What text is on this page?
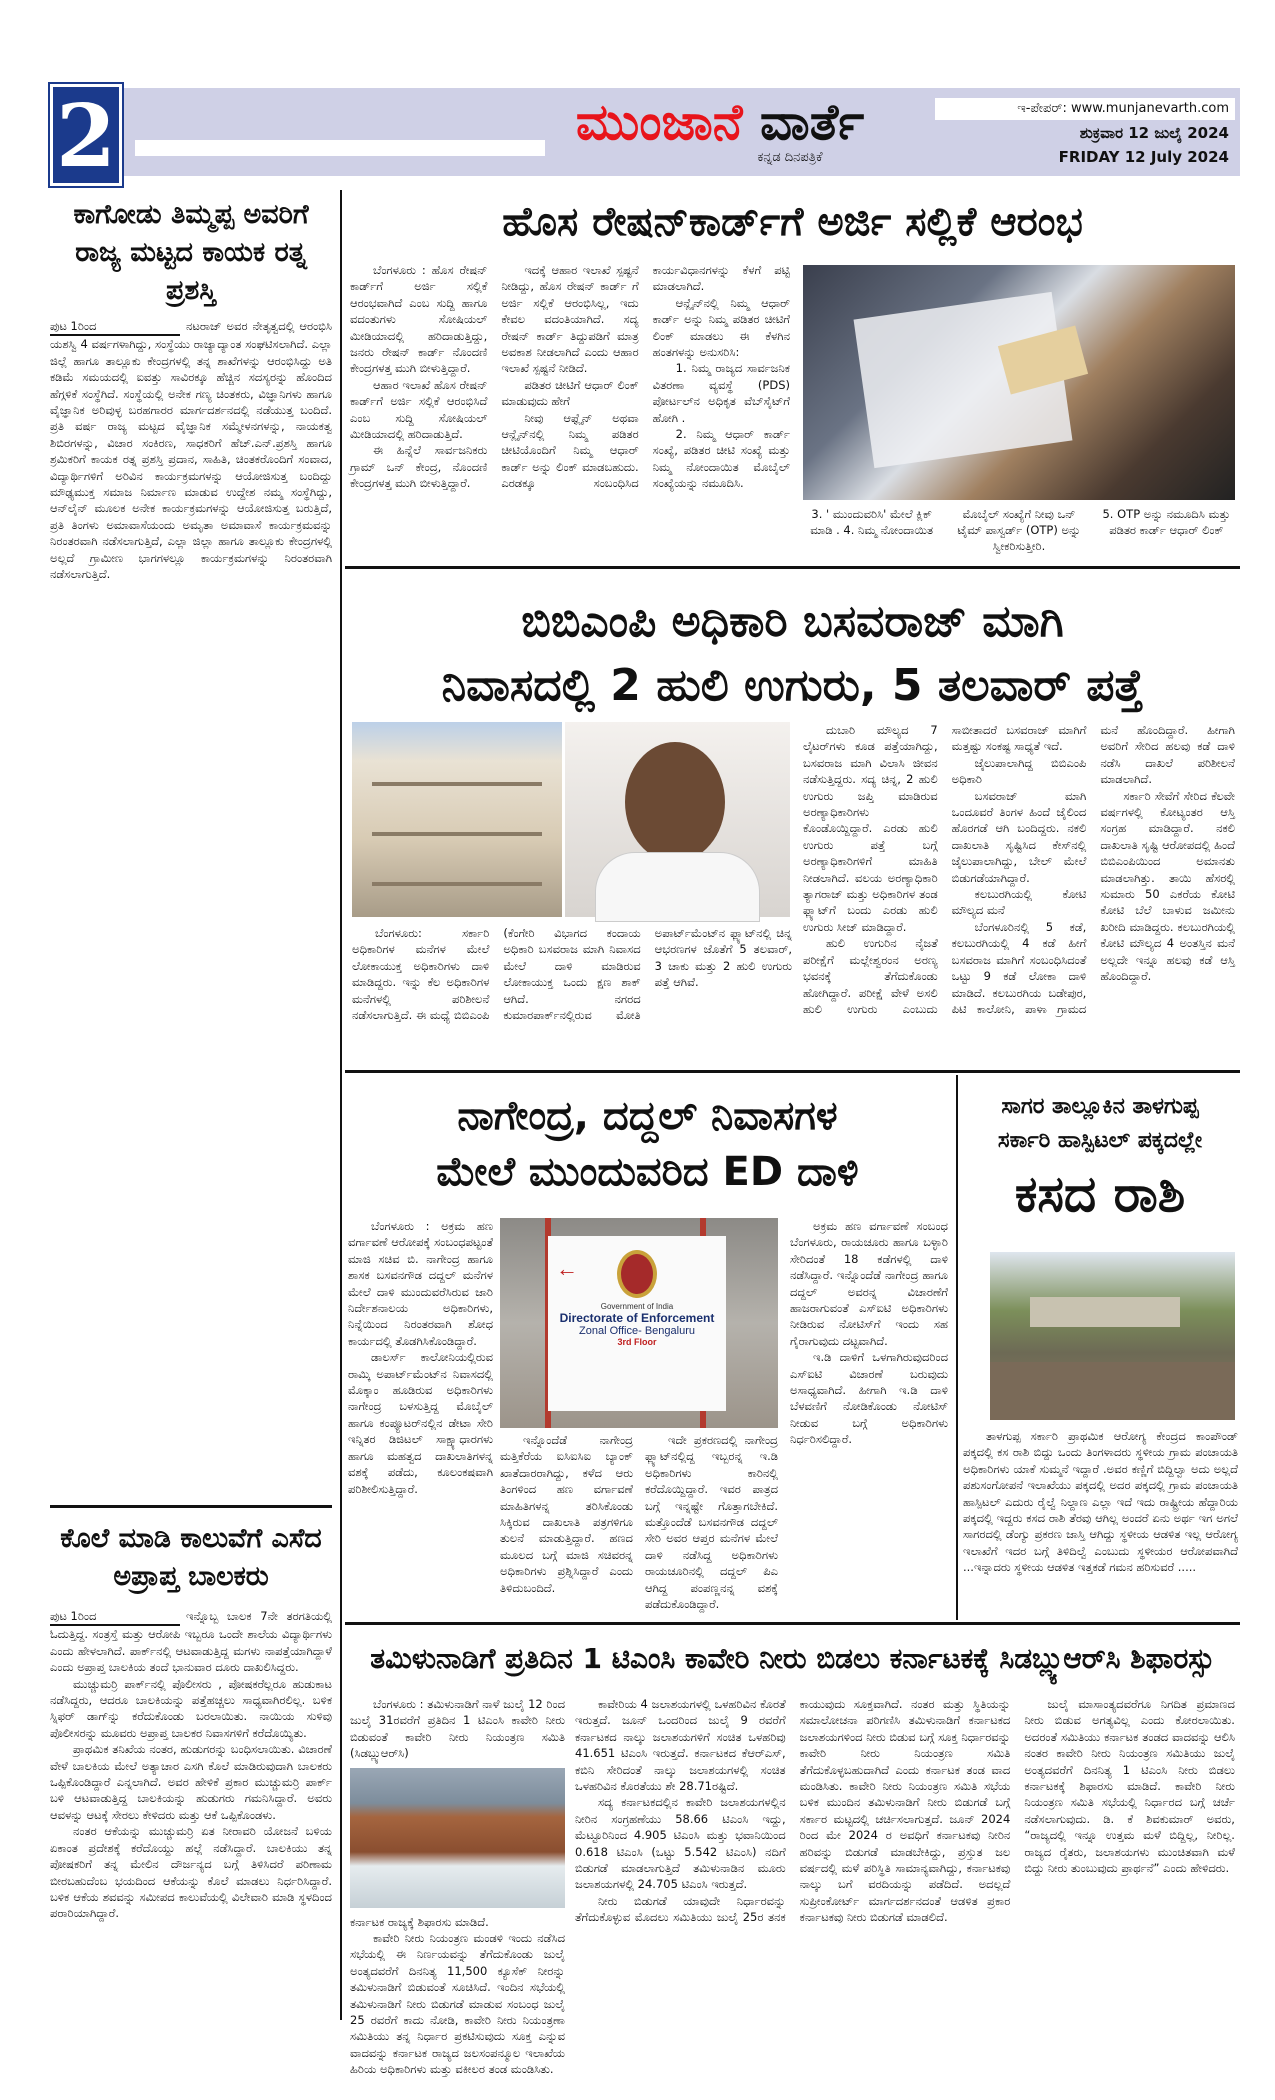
2	ಮುಂಜಾನೆ ವಾರ್ತೆ
ಕನ್ನಡ ದಿನಪತ್ರಿಕೆ
ಇ-ಪೇಪರ್: www.munjanevarth.com
ಶುಕ್ರವಾರ 12 ಜುಲೈ 2024
FRIDAY 12 July 2024
ಕಾಗೋಡು ತಿಮ್ಮಪ್ಪ ಅವರಿಗೆ ರಾಜ್ಯ ಮಟ್ಟದ ಕಾಯಕ ರತ್ನ ಪ್ರಶಸ್ತಿ
ಪುಟ 1ರಿಂದ	ನಟರಾಜ್ ಅವರ ನೇತೃತ್ವದಲ್ಲಿ ಆರಂಭಿಸಿ ಯಶಸ್ವಿ 4 ವರ್ಷಗಳಾಗಿದ್ದು, ಸಂಸ್ಥೆಯು ರಾಜ್ಯಾದ್ಯಾಂತ ಸಂಘಟಿಸಲಾಗಿದೆ. ಎಲ್ಲಾ ಜಿಲ್ಲೆ ಹಾಗೂ ತಾಲ್ಲೂಕು ಕೇಂದ್ರಗಳಲ್ಲಿ ತನ್ನ ಶಾಖೆಗಳನ್ನು ಆರಂಭಿಸಿದ್ದು ಅತಿ ಕಡಿಮೆ ಸಮಯದಲ್ಲಿ ಐವತ್ತು ಸಾವಿರಕ್ಕೂ ಹೆಚ್ಚಿನ ಸದಸ್ಯರನ್ನು ಹೊಂದಿದ ಹೆಗ್ಗಳಿಕೆ ಸಂಸ್ಥೆಗಿದೆ. ಸಂಸ್ಥೆಯಲ್ಲಿ ಅನೇಕ ಗಣ್ಯ ಚಿಂತಕರು, ವಿಜ್ಞಾನಿಗಳು ಹಾಗೂ ವೈಜ್ಞಾನಿಕ ಅರಿವುಳ್ಳ ಬರಹಗಾರರ ಮಾರ್ಗದರ್ಶನದಲ್ಲಿ ನಡೆಯುತ್ತ ಬಂದಿದೆ. ಪ್ರತಿ ವರ್ಷ ರಾಜ್ಯ ಮಟ್ಟದ ವೈಜ್ಞಾನಿಕ ಸಮ್ಮೇಳನಗಳನ್ನು, ನಾಯಕತ್ವ ಶಿಬಿರಗಳನ್ನು, ವಿಚಾರ ಸಂಕಿರಣ, ಸಾಧಕರಿಗೆ ಹೆಚ್.ಎನ್.ಪ್ರಶಸ್ತಿ ಹಾಗೂ ಶ್ರಮಿಕರಿಗೆ ಕಾಯಕ ರತ್ನ ಪ್ರಶಸ್ತಿ ಪ್ರದಾನ, ಸಾಹಿತಿ, ಚಿಂತಕರೊಂದಿಗೆ ಸಂವಾದ, ವಿದ್ಯಾರ್ಥಿಗಳಿಗೆ ಅರಿವಿನ ಕಾರ್ಯಕ್ರಮಗಳನ್ನು ಆಯೋಜಿಸುತ್ತ ಬಂದಿದ್ದು ಮೌಢ್ಯಮುಕ್ತ ಸಮಾಜ ನಿರ್ಮಾಣ ಮಾಡುವ ಉದ್ದೇಶ ನಮ್ಮ ಸಂಸ್ಥೆಗಿದ್ದು, ಆನ್‌ಲೈನ್ ಮೂಲಕ ಅನೇಕ ಕಾರ್ಯಕ್ರಮಗಳನ್ನು ಆಯೋಜಿಸುತ್ತ ಬರುತ್ತಿದೆ, ಪ್ರತಿ ತಿಂಗಳು ಅಮಾವಾಸೆಯಂದು ಅಮೃತಾ ಅಮಾವಾಸೆ ಕಾರ್ಯಕ್ರಮವನ್ನು ನಿರಂತರವಾಗಿ ನಡೆಸಲಾಗುತ್ತಿದೆ, ಎಲ್ಲಾ ಜಿಲ್ಲಾ ಹಾಗೂ ತಾಲ್ಲೂಕು ಕೇಂದ್ರಗಳಲ್ಲಿ ಅಲ್ಲದೆ ಗ್ರಾಮೀಣ ಭಾಗಗಳಲ್ಲೂ ಕಾರ್ಯಕ್ರಮಗಳನ್ನು ನಿರಂತರವಾಗಿ ನಡೆಸಲಾಗುತ್ತಿದೆ.
ಕೊಲೆ ಮಾಡಿ ಕಾಲುವೆಗೆ ಎಸೆದ ಅಪ್ರಾಪ್ತ ಬಾಲಕರು
ಪುಟ 1ರಿಂದ	ಇನ್ನೊಬ್ಬ ಬಾಲಕ 7ನೇ ತರಗತಿಯಲ್ಲಿ ಓದುತ್ತಿದ್ದ. ಸಂತ್ರಸ್ತೆ ಮತ್ತು ಆರೋಪಿ ಇಬ್ಬರೂ ಒಂದೇ ಶಾಲೆಯ ವಿದ್ಯಾರ್ಥಿಗಳು ಎಂದು ಹೇಳಲಾಗಿದೆ. ಪಾರ್ಕ್‌ನಲ್ಲಿ ಆಟವಾಡುತ್ತಿದ್ದ ಮಗಳು ನಾಪತ್ತೆಯಾಗಿದ್ದಾಳೆ ಎಂದು ಅಪ್ರಾಪ್ತ ಬಾಲಕಿಯ ತಂದೆ ಭಾನುವಾರ ದೂರು ದಾಖಲಿಸಿದ್ದರು.

ಮುಚ್ಚುಮರ್ರಿ ಪಾರ್ಕ್‌ನಲ್ಲಿ ಪೊಲೀಸರು , ಪೋಷಕರೆಲ್ಲರೂ ಹುಡುಕಾಟ ನಡೆಸಿದ್ದರು, ಆದರೂ ಬಾಲಕಿಯನ್ನು ಪತ್ತೆಹಚ್ಚಲು ಸಾಧ್ಯವಾಗಿರಲಿಲ್ಲ. ಬಳಿಕ ಸ್ನಿಫರ್ ಡಾಗ್‌ನ್ನು ಕರೆದುಕೊಂಡು ಬರಲಾಯಿತು. ನಾಯಿಯ ಸುಳಿವು ಪೊಲೀಸರನ್ನು ಮೂವರು ಅಪ್ರಾಪ್ತ ಬಾಲಕರ ನಿವಾಸಗಳಿಗೆ ಕರೆದೊಯ್ಯಿತು.

ಪ್ರಾಥಮಿಕ ತನಿಖೆಯ ನಂತರ, ಹುಡುಗರನ್ನು ಬಂಧಿಸಲಾಯಿತು. ವಿಚಾರಣೆ ವೇಳೆ ಬಾಲಕಿಯ ಮೇಲೆ ಅತ್ಯಾಚಾರ ಎಸಗಿ ಕೊಲೆ ಮಾಡಿರುವುದಾಗಿ ಬಾಲಕರು ಒಪ್ಪಿಕೊಂಡಿದ್ದಾರೆ ಎನ್ನಲಾಗಿದೆ. ಅವರ ಹೇಳಿಕೆ ಪ್ರಕಾರ ಮುಚ್ಚುಮರ್ರಿ ಪಾರ್ಕ್ ಬಳಿ ಆಟವಾಡುತ್ತಿದ್ದ ಬಾಲಕಿಯನ್ನು ಹುಡುಗರು ಗಮನಿಸಿದ್ದಾರೆ. ಅವರು ಆವಳನ್ನು ಆಟಕ್ಕೆ ಸೇರಲು ಕೇಳಿದರು ಮತ್ತು ಆಕೆ ಒಪ್ಪಿಕೊಂಡಳು.

ನಂತರ ಆಕೆಯನ್ನು ಮುಚ್ಚುಮರ್ರಿ ಏತ ನೀರಾವರಿ ಯೋಜನೆ ಬಳಿಯ ಏಕಾಂತ ಪ್ರದೇಶಕ್ಕೆ ಕರೆದೊಯ್ದು ಹಲ್ಲೆ ನಡೆಸಿದ್ದಾರೆ. ಬಾಲಕಿಯು ತನ್ನ ಪೋಷಕರಿಗೆ ತನ್ನ ಮೇಲಿನ ದೌರ್ಜನ್ಯದ ಬಗ್ಗೆ ತಿಳಿಸಿದರೆ ಪರಿಣಾಮ ಬೀರಬಹುದೆಂಬ ಭಯದಿಂದ ಆಕೆಯನ್ನು ಕೊಲೆ ಮಾಡಲು ನಿರ್ಧರಿಸಿದ್ದಾರೆ. ಬಳಿಕ ಆಕೆಯ ಶವವನ್ನು ಸಮೀಪದ ಕಾಲುವೆಯಲ್ಲಿ ವಿಲೇವಾರಿ ಮಾಡಿ ಸ್ಥಳದಿಂದ ಪರಾರಿಯಾಗಿದ್ದಾರೆ.

ಹೊಸ ರೇಷನ್‌ಕಾರ್ಡ್‌ಗೆ ಅರ್ಜಿ ಸಲ್ಲಿಕೆ ಆರಂಭ

ಬೆಂಗಳೂರು : ಹೊಸ ರೇಷನ್ ಕಾರ್ಡ್‌ಗೆ ಅರ್ಜಿ ಸಲ್ಲಿಕೆ ಆರಂಭವಾಗಿದೆ ಎಂಬ ಸುದ್ದಿ ಹಾಗೂ ವದಂತುಗಳು ಸೋಷಿಯಲ್ ಮೀಡಿಯಾದಲ್ಲಿ ಹರಿದಾಡುತ್ತಿದ್ದು, ಜನರು ರೇಷನ್ ಕಾರ್ಡ್ ನೊಂದಣಿ ಕೇಂದ್ರಗಳತ್ತ ಮುಗಿ ಬೀಳುತ್ತಿದ್ದಾರೆ.

ಆಹಾರ ಇಲಾಖೆ ಹೊಸ ರೇಷನ್ ಕಾರ್ಡ್‌ಗೆ ಅರ್ಜಿ ಸಲ್ಲಿಕೆ ಆರಂಭಿಸಿದೆ ಎಂಬ ಸುದ್ದಿ ಸೋಷಿಯಲ್ ಮೀಡಿಯಾದಲ್ಲಿ ಹರಿದಾಡುತ್ತಿದೆ.

ಈ ಹಿನ್ನೆಲೆ ಸಾರ್ವಜನಿಕರು ಗ್ರಾಮ್ ಒನ್ ಕೇಂದ್ರ, ನೊಂದಣಿ ಕೇಂದ್ರಗಳತ್ತ ಮುಗಿ ಬೀಳುತ್ತಿದ್ದಾರೆ.

ಇದಕ್ಕೆ ಆಹಾರ ಇಲಾಖೆ ಸ್ಪಷ್ಟನೆ ನೀಡಿದ್ದು, ಹೊಸ ರೇಷನ್ ಕಾರ್ಡ್ ಗೆ ಅರ್ಜಿ ಸಲ್ಲಿಕೆ ಆರಂಭಿಸಿಲ್ಲ, ಇದು ಕೇವಲ ವದಂತಿಯಾಗಿದೆ. ಸದ್ಯ ರೇಷನ್ ಕಾರ್ಡ್ ತಿದ್ದುಪಡಿಗೆ ಮಾತ್ರ ಅವಕಾಶ ನೀಡಲಾಗಿದೆ ಎಂದು ಆಹಾರ ಇಲಾಖೆ ಸ್ಪಷ್ಟನೆ ನೀಡಿದೆ.

ಪಡಿತರ ಚೀಟಿಗೆ ಆಧಾರ್ ಲಿಂಕ್ ಮಾಡುವುದು ಹೇಗೆ

ನೀವು ಆಫ್ಲೈನ್ ಅಥವಾ ಆನ್ಲೈನ್‌ನಲ್ಲಿ ನಿಮ್ಮ ಪಡಿತರ ಚೀಟಿಯೊಂದಿಗೆ ನಿಮ್ಮ ಆಧಾರ್ ಕಾರ್ಡ್ ಅನ್ನು ಲಿಂಕ್ ಮಾಡಬಹುದು. ಎರಡಕ್ಕೂ ಸಂಬಂಧಿಸಿದ ಕಾರ್ಯವಿಧಾನಗಳನ್ನು ಕೆಳಗೆ ಪಟ್ಟಿ ಮಾಡಲಾಗಿದೆ.

ಆನ್ಲೈನ್‌ನಲ್ಲಿ ನಿಮ್ಮ ಆಧಾರ್ ಕಾರ್ಡ್ ಅನ್ನು ನಿಮ್ಮ ಪಡಿತರ ಚೀಟಿಗೆ ಲಿಂಕ್ ಮಾಡಲು ಈ ಕೆಳಗಿನ ಹಂತಗಳನ್ನು ಅನುಸರಿಸಿ:

1. ನಿಮ್ಮ ರಾಜ್ಯದ ಸಾರ್ವಜನಿಕ ವಿತರಣಾ ವ್ಯವಸ್ಥೆ (PDS) ಪೋರ್ಟಲ್‌ನ ಅಧಿಕೃತ ವೆಬ್‌ಸೈಟ್‌ಗೆ ಹೋಗಿ .

2. ನಿಮ್ಮ ಆಧಾರ್ ಕಾರ್ಡ್ ಸಂಖ್ಯೆ, ಪಡಿತರ ಚೀಟಿ ಸಂಖ್ಯೆ ಮತ್ತು ನಿಮ್ಮ ನೋಂದಾಯಿತ ಮೊಬೈಲ್ ಸಂಖ್ಯೆಯನ್ನು ನಮೂದಿಸಿ.

3. ' ಮುಂದುವರಿಸಿ' ಮೇಲೆ ಕ್ಲಿಕ್ ಮಾಡಿ . 4. ನಿಮ್ಮ ನೋಂದಾಯಿತ
ಮೊಬೈಲ್ ಸಂಖ್ಯೆಗೆ ನೀವು ಒನ್ ಟೈಮ್ ಪಾಸ್ವರ್ಡ್ (OTP) ಅನ್ನು ಸ್ವೀಕರಿಸುತ್ತೀರಿ.
5. OTP ಅನ್ನು ನಮೂದಿಸಿ ಮತ್ತು ಪಡಿತರ ಕಾರ್ಡ್ ಆಧಾರ್ ಲಿಂಕ್
ಬಿಬಿಎಂಪಿ ಅಧಿಕಾರಿ ಬಸವರಾಜ್ ಮಾಗಿ
ನಿವಾಸದಲ್ಲಿ 2 ಹುಲಿ ಉಗುರು, 5 ತಲವಾರ್ ಪತ್ತೆ

ಬೆಂಗಳೂರು: ಸರ್ಕಾರಿ ಅಧಿಕಾರಿಗಳ ಮನೆಗಳ ಮೇಲೆ ಲೋಕಾಯುಕ್ತ ಅಧಿಕಾರಿಗಳು ದಾಳಿ ಮಾಡಿದ್ದರು. ಇನ್ನು ಕೆಲ ಅಧಿಕಾರಿಗಳ ಮನೆಗಳಲ್ಲಿ ಪರಿಶೀಲನೆ ನಡೆಸಲಾಗುತ್ತಿದೆ. ಈ ಮಧ್ಯೆ ಬಿಬಿಎಂಪಿ (ಕೆಂಗೇರಿ ವಿಭಾಗದ ಕಂದಾಯ ಅಧಿಕಾರಿ ಬಸವರಾಜ ಮಾಗಿ ನಿವಾಸದ ಮೇಲೆ ದಾಳಿ ಮಾಡಿರುವ ಲೋಕಾಯುಕ್ತ ಒಂದು ಕ್ಷಣ ಶಾಕ್ ಆಗಿದೆ. ನಗರದ ಕುಮಾರಪಾರ್ಕ್‌ನಲ್ಲಿರುವ ಮೋತಿ ಅಪಾರ್ಟ್‌ಮೆಂಟ್‌ನ ಫ್ಲ್ಯಾಟ್‌ನಲ್ಲಿ ಚಿನ್ನ ಆಭರಣಗಳ ಜೊತೆಗೆ 5 ತಲವಾರ್, 3 ಚಾಕು ಮತ್ತು 2 ಹುಲಿ ಉಗುರು ಪತ್ತೆ ಆಗಿವೆ.

ದುಬಾರಿ ಮೌಲ್ಯದ 7 ಲೈಟರ್‌ಗಳು ಕೂಡ ಪತ್ತೆಯಾಗಿದ್ದು, ಬಸವರಾಜ ಮಾಗಿ ವಿಲಾಸಿ ಜೀವನ ನಡೆಸುತ್ತಿದ್ದರು. ಸದ್ಯ ಚಿನ್ನ, 2 ಹುಲಿ ಉಗುರು ಜಪ್ತಿ ಮಾಡಿರುವ ಅರಣ್ಯಾಧಿಕಾರಿಗಳು ಕೊಂಡೊಯ್ದಿದ್ದಾರೆ. ಎರಡು ಹುಲಿ ಉಗುರು ಪತ್ತೆ ಬಗ್ಗೆ ಅರಣ್ಯಾಧಿಕಾರಿಗಳಿಗೆ ಮಾಹಿತಿ ನೀಡಲಾಗಿದೆ. ವಲಯ ಅರಣ್ಯಾಧಿಕಾರಿ ತ್ಯಾಗರಾಜ್ ಮತ್ತು ಅಧಿಕಾರಿಗಳ ತಂಡ ಫ್ಲ್ಯಾಟ್‌ಗೆ ಬಂದು ಎರಡು ಹುಲಿ ಉಗುರು ಸೀಜ್ ಮಾಡಿದ್ದಾರೆ.

ಹುಲಿ ಉಗುರಿನ ನೈಜತೆ ಪರೀಕ್ಷೆಗೆ ಮಲ್ಲೇಶ್ವರಂನ ಅರಣ್ಯ ಭವನಕ್ಕೆ ತೆಗೆದುಕೊಂಡು ಹೋಗಿದ್ದಾರೆ. ಪರೀಕ್ಷೆ ವೇಳೆ ಅಸಲಿ ಹುಲಿ ಉಗುರು ಎಂಬುದು ಸಾಬೀತಾದರೆ ಬಸವರಾಜ್ ಮಾಗಿಗೆ ಮತ್ತಷ್ಟು ಸಂಕಷ್ಟ ಸಾಧ್ಯತೆ ಇದೆ.

ಜೈಲುಪಾಲಾಗಿದ್ದ ಬಿಬಿಎಂಪಿ ಅಧಿಕಾರಿ

ಬಸವರಾಜ್ ಮಾಗಿ ಒಂದೂವರೆ ತಿಂಗಳ ಹಿಂದೆ ಜೈಲಿಂದ ಹೊರಗಡೆ ಆಗಿ ಬಂದಿದ್ದರು. ನಕಲಿ ದಾಖಲಾತಿ ಸೃಷ್ಟಿಸಿದ ಕೇಸ್‌ನಲ್ಲಿ ಜೈಲುಪಾಲಾಗಿದ್ದು, ಬೇಲ್ ಮೇಲೆ ಬಿಡುಗಡೆಯಾಗಿದ್ದಾರೆ.

ಕಲಬುರಗಿಯಲ್ಲಿ ಕೋಟಿ ಮೌಲ್ಯದ ಮನೆ

ಬೆಂಗಳೂರಿನಲ್ಲಿ 5 ಕಡೆ, ಕಲಬುರಗಿಯಲ್ಲಿ 4 ಕಡೆ ಹೀಗೆ ಬಸವರಾಜ ಮಾಗಿಗೆ ಸಂಬಂಧಿಸಿದಂತೆ ಒಟ್ಟು 9 ಕಡೆ ಲೋಕಾ ದಾಳಿ ಮಾಡಿದೆ. ಕಲಬುರಗಿಯ ಬಡೇಪುರ, ಪಿಟಿ ಕಾಲೋನಿ, ಪಾಳಾ ಗ್ರಾಮದ ಮನೆ ಹೊಂದಿದ್ದಾರೆ. ಹೀಗಾಗಿ ಅವರಿಗೆ ಸೇರಿದ ಹಲವು ಕಡೆ ದಾಳಿ ನಡೆಸಿ ದಾಖಲೆ ಪರಿಶೀಲನೆ ಮಾಡಲಾಗಿದೆ.

ಸರ್ಕಾರಿ ಸೇವೆಗೆ ಸೇರಿದ ಕೆಲವೇ ವರ್ಷಗಳಲ್ಲಿ ಕೋಟ್ಯಂತರ ಆಸ್ತಿ ಸಂಗ್ರಹ ಮಾಡಿದ್ದಾರೆ. ನಕಲಿ ದಾಖಲಾತಿ ಸೃಷ್ಟಿ ಆರೋಪದಲ್ಲಿ ಹಿಂದೆ ಬಿಬಿಎಂಪಿಯಿಂದ ಅಮಾನತು ಮಾಡಲಾಗಿತ್ತು. ತಾಯಿ ಹೆಸರಲ್ಲಿ ಸುಮಾರು 50 ಎಕರೆಯ ಕೋಟಿ ಕೋಟಿ ಬೆಲೆ ಬಾಳುವ ಜಮೀನು ಖರೀದಿ ಮಾಡಿದ್ದರು. ಕಲಬುರಗಿಯಲ್ಲಿ ಕೋಟಿ ಮೌಲ್ಯದ 4 ಅಂತಸ್ತಿನ ಮನೆ ಅಲ್ಲದೇ ಇನ್ನೂ ಹಲವು ಕಡೆ ಆಸ್ತಿ ಹೊಂದಿದ್ದಾರೆ.

ನಾಗೇಂದ್ರ, ದದ್ದಲ್ ನಿವಾಸಗಳ
ಮೇಲೆ ಮುಂದುವರಿದ ED ದಾಳಿ
←
Government of India
Directorate of Enforcement
Zonal Office- Bengaluru
3rd Floor

ಬೆಂಗಳೂರು : ಅಕ್ರಮ ಹಣ ವರ್ಗಾವಣೆ ಆರೋಪಕ್ಕೆ ಸಂಬಂಧಪಟ್ಟಂತೆ ಮಾಜಿ ಸಚಿವ ಬಿ. ನಾಗೇಂದ್ರ ಹಾಗೂ ಶಾಸಕ ಬಸವನಗೌಡ ದದ್ದಲ್ ಮನೆಗಳ ಮೇಲೆ ದಾಳಿ ಮುಂದುವರೆಸಿರುವ ಜಾರಿ ನಿರ್ದೇಶನಾಲಯ ಅಧಿಕಾರಿಗಳು, ನಿನ್ನೆಯಿಂದ ನಿರಂತರವಾಗಿ ಶೋಧ ಕಾರ್ಯದಲ್ಲಿ ತೊಡಗಿಸಿಕೊಂಡಿದ್ದಾರೆ.

ಡಾಲರ್ಸ್ ಕಾಲೋನಿಯಲ್ಲಿರುವ ರಾಮ್ಕಿ ಅಪಾರ್ಟ್‌ಮೆಂಟ್‌ನ ನಿವಾಸದಲ್ಲಿ ಮೊಕ್ಕಾಂ ಹೂಡಿರುವ ಅಧಿಕಾರಿಗಳು ನಾಗೇಂದ್ರ ಬಳಸುತ್ತಿದ್ದ ಮೊಬೈಲ್ ಹಾಗೂ ಕಂಪ್ಯೂಟರ್‌ನಲ್ಲಿನ ಡೇಟಾ ಸೇರಿ ಇನ್ನಿತರ ಡಿಜಿಟಲ್ ಸಾಕ್ಷ್ಯಾಧಾರಗಳು ಹಾಗೂ ಮಹತ್ವದ ದಾಖಲಾತಿಗಳನ್ನ ವಶಕ್ಕೆ ಪಡೆದು, ಕೂಲಂಕಷವಾಗಿ ಪರಿಶೀಲಿಸುತ್ತಿದ್ದಾರೆ.

ಇನ್ನೊಂದೆಡೆ ನಾಗೇಂದ್ರ ಮತ್ತಿಕೆರೆಯ ಐಸಿಐಸಿಐ ಬ್ಯಾಂಕ್ ಖಾತೆದಾರರಾಗಿದ್ದು, ಕಳೆದ ಆರು ತಿಂಗಳಿಂದ ಹಣ ವರ್ಗಾವಣೆ ಮಾಹಿತಿಗಳನ್ನ ತರಿಸಿಕೊಂಡು ಸಿಕ್ಕಿರುವ ದಾಖಲಾತಿ ಪತ್ರಗಳಿಗೂ ತುಲನೆ ಮಾಡುತ್ತಿದ್ದಾರೆ. ಹಣದ ಮೂಲದ ಬಗ್ಗೆ ಮಾಜಿ ಸಚಿವರನ್ನ ಅಧಿಕಾರಿಗಳು ಪ್ರಶ್ನಿಸಿದ್ದಾರೆ ಎಂದು ತಿಳಿದುಬಂದಿದೆ.

ಇದೇ ಪ್ರಕರಣದಲ್ಲಿ ನಾಗೇಂದ್ರ ಫ್ಲ್ಯಾಟ್‌ನಲ್ಲಿದ್ದ ಇಬ್ಬರನ್ನ ಇ.ಡಿ ಅಧಿಕಾರಿಗಳು ಕಾರಿನಲ್ಲಿ ಕರೆದೊಯ್ದಿದ್ದಾರೆ. ಇವರ ಪಾತ್ರದ ಬಗ್ಗೆ ಇನ್ನಷ್ಟೇ ಗೊತ್ತಾಗಬೇಕಿದೆ. ಮತ್ತೊಂದೆಡೆ ಬಸವನಗೌಡ ದದ್ದಲ್ ಸೇರಿ ಅವರ ಆಪ್ತರ ಮನೆಗಳ ಮೇಲೆ ದಾಳಿ ನಡೆಸಿದ್ದ ಅಧಿಕಾರಿಗಳು ರಾಯಚೂರಿನಲ್ಲಿ ದದ್ದಲ್ ಪಿಎ ಆಗಿದ್ದ ಪಂಪಣ್ಣನನ್ನ ವಶಕ್ಕೆ ಪಡೆದುಕೊಂಡಿದ್ದಾರೆ.

ಅಕ್ರಮ ಹಣ ವರ್ಗಾವಣೆ ಸಂಬಂಧ ಬೆಂಗಳೂರು, ರಾಯಚೂರು ಹಾಗೂ ಬಳ್ಳಾರಿ ಸೇರಿದಂತೆ 18 ಕಡೆಗಳಲ್ಲಿ ದಾಳಿ ನಡೆಸಿದ್ದಾರೆ. ಇನ್ನೊಂದೆಡೆ ನಾಗೇಂದ್ರ ಹಾಗೂ ದದ್ದಲ್ ಅವರನ್ನ ವಿಚಾರಣೆಗೆ ಹಾಜರಾಗುವಂತೆ ಎಸ್‌ಐಟಿ ಅಧಿಕಾರಿಗಳು ನೀಡಿರುವ ನೋಟಿಸ್‌ಗೆ ಇಂದು ಸಹ ಗೈರಾಗುವುದು ದಟ್ಟವಾಗಿದೆ.

ಇ.ಡಿ ದಾಳಿಗೆ ಒಳಗಾಗಿರುವುದರಿಂದ ಎಸ್‌ಐಟಿ ವಿಚಾರಣೆ ಬರುವುದು ಅಸಾಧ್ಯವಾಗಿದೆ. ಹೀಗಾಗಿ ಇ.ಡಿ ದಾಳಿ ಬೆಳವಣಿಗೆ ನೋಡಿಕೊಂಡು ನೋಟಿಸ್ ನೀಡುವ ಬಗ್ಗೆ ಅಧಿಕಾರಿಗಳು ನಿರ್ಧರಿಸಲಿದ್ದಾರೆ.

ಸಾಗರ ತಾಲ್ಲೂಕಿನ ತಾಳಗುಪ್ಪ
ಸರ್ಕಾರಿ ಹಾಸ್ಪಿಟಲ್ ಪಕ್ಕದಲ್ಲೇ
ಕಸದ ರಾಶಿ

ತಾಳಗುಪ್ಪ ಸರ್ಕಾರಿ ಪ್ರಾಥಮಿಕ ಆರೋಗ್ಯ ಕೇಂದ್ರದ ಕಾಂಪೌಂಡ್ ಪಕ್ಕದಲ್ಲಿ ಕಸ ರಾಶಿ ಬಿದ್ದು ಒಂದು ತಿಂಗಳಾದರು ಸ್ಥಳೀಯ ಗ್ರಾಮ ಪಂಚಾಯತಿ ಅಧಿಕಾರಿಗಳು ಯಾಕೆ ಸುಮ್ಮನೆ ಇದ್ದಾರೆ .ಅವರ ಕಣ್ಣಿಗೆ ಬಿದ್ದಿಲ್ವಾ ಅದು ಅಲ್ಲದೆ ಪಶುಸಂಗೋಪನೆ ಇಲಾಖೆಯು ಪಕ್ಕದಲ್ಲಿ ಅದರ ಪಕ್ಕದಲ್ಲಿ ಗ್ರಾಮ ಪಂಚಾಯತಿ ಹಾಸ್ಪಿಟಲ್ ಎದುರು ರೈಲ್ವೆ ನಿಲ್ದಾಣ ಎಲ್ಲಾ ಇದೆ ಇದು ರಾಷ್ಟ್ರೀಯ ಹೆದ್ದಾರಿಯ ಪಕ್ಕದಲ್ಲಿ ಇದ್ದರು ಕಸದ ರಾಶಿ ತೆರವು ಆಗಿಲ್ಲ ಅಂದರೆ ಏನು ಅರ್ಥ ಇಗ ಅಗಲೆ ಸಾಗರದಲ್ಲಿ ಡೆಂಗ್ಯು ಪ್ರಕರಣ ಜಾಸ್ತಿ ಆಗಿದ್ದು ಸ್ಥಳೀಯ ಆಡಳಿತ ಇಲ್ಲ ಆರೋಗ್ಯ ಇಲಾಖೆಗೆ ಇದರ ಬಗ್ಗೆ ತಿಳಿದಿಲ್ವೆ ಎಂಬುದು ಸ್ಥಳೀಯರ ಆರೋಪವಾಗಿದೆ ...ಇನ್ನಾದರು ಸ್ಥಳೀಯ ಆಡಳಿತ ಇತ್ತಕಡೆ ಗಮನ ಹರಿಸುವರೆ .....

ತಮಿಳುನಾಡಿಗೆ ಪ್ರತಿದಿನ 1 ಟಿಎಂಸಿ ಕಾವೇರಿ ನೀರು ಬಿಡಲು ಕರ್ನಾಟಕಕ್ಕೆ ಸಿಡಬ್ಲ್ಯುಆರ್‌ಸಿ ಶಿಫಾರಸ್ಸು

ಬೆಂಗಳೂರು : ತಮಿಳುನಾಡಿಗೆ ನಾಳೆ ಜುಲೈ 12 ರಿಂದ ಜುಲೈ 31ರವರೆಗೆ ಪ್ರತಿದಿನ 1 ಟಿಎಂಸಿ ಕಾವೇರಿ ನೀರು ಬಿಡುವಂತೆ ಕಾವೇರಿ ನೀರು ನಿಯಂತ್ರಣ ಸಮಿತಿ (ಸಿಡಬ್ಲ್ಯುಆರ್‌ಸಿ)

ಕರ್ನಾಟಕ ರಾಜ್ಯಕ್ಕೆ ಶಿಫಾರಸು ಮಾಡಿದೆ.

ಕಾವೇರಿ ನೀರು ನಿಯಂತ್ರಣ ಮಂಡಳಿ ಇಂದು ನಡೆಸಿದ ಸಭೆಯಲ್ಲಿ ಈ ನಿರ್ಣಯವನ್ನು ತೆಗೆದುಕೊಂಡು ಜುಲೈ ಅಂತ್ಯದವರೆಗೆ ದಿನನಿತ್ಯ 11,500 ಕ್ಯೂಸೆಕ್ ನೀರನ್ನು ತಮಿಳುನಾಡಿಗೆ ಬಿಡುವಂತೆ ಸೂಚಿಸಿದೆ. ಇಂದಿನ ಸಭೆಯಲ್ಲಿ ತಮಿಳುನಾಡಿಗೆ ನೀರು ಬಿಡುಗಡೆ ಮಾಡುವ ಸಂಬಂಧ ಜುಲೈ 25 ರವರೆಗೆ ಕಾದು ನೋಡಿ, ಕಾವೇರಿ ನೀರು ನಿಯಂತ್ರಣಾ ಸಮಿತಿಯು ತನ್ನ ನಿರ್ಧಾರ ಪ್ರಕಟಿಸುವುದು ಸೂಕ್ತ ಎನ್ನುವ ವಾದವನ್ನು ಕರ್ನಾಟಕ ರಾಜ್ಯದ ಜಲಸಂಪನ್ಮೂಲ ಇಲಾಖೆಯ ಹಿರಿಯ ಅಧಿಕಾರಿಗಳು ಮತ್ತು ವಕೀಲರ ತಂಡ ಮಂಡಿಸಿತು.

ಕಾವೇರಿಯ 4 ಜಲಾಶಯಗಳಲ್ಲಿ ಒಳಹರಿವಿನ ಕೊರತೆ ಇರುತ್ತದೆ. ಜೂನ್ ಒಂದರಿಂದ ಜುಲೈ 9 ರವರೆಗೆ ಕರ್ನಾಟಕದ ನಾಲ್ಕು ಜಲಾಶಯಗಳಿಗೆ ಸಂಚಿತ ಒಳಹರಿವು 41.651 ಟಿಎಂಸಿ ಇರುತ್ತದೆ. ಕರ್ನಾಟಕದ ಕೆಆರ್‌ಎಸ್, ಕಬಿನಿ ಸೇರಿದಂತೆ ನಾಲ್ಕು ಜಲಾಶಯಗಳಲ್ಲಿ ಸಂಚಿತ ಒಳಹರಿವಿನ ಕೊರತೆಯು ಶೇ 28.71ರಷ್ಟಿದೆ.

ಸದ್ಯ ಕರ್ನಾಟಕದಲ್ಲಿನ ಕಾವೇರಿ ಜಲಾಶಯಗಳಲ್ಲಿನ ನೀರಿನ ಸಂಗ್ರಹಣೆಯು 58.66 ಟಿಎಂಸಿ ಇದ್ದು, ಮೆಟ್ಟೂರಿನಿಂದ 4.905 ಟಿಎಂಸಿ ಮತ್ತು ಭವಾನಿಯಿಂದ 0.618 ಟಿಎಂಸಿ (ಒಟ್ಟು 5.542 ಟಿಎಂಸಿ) ನದಿಗೆ ಬಿಡುಗಡೆ ಮಾಡಲಾಗುತ್ತಿದೆ ತಮಿಳುನಾಡಿನ ಮೂರು ಜಲಾಶಯಗಳಲ್ಲಿ 24.705 ಟಿಎಂಸಿ ಇರುತ್ತದೆ.

ನೀರು ಬಿಡುಗಡೆ ಯಾವುದೇ ನಿರ್ಧಾರವನ್ನು ತೆಗೆದುಕೊಳ್ಳುವ ಮೊದಲು ಸಮಿತಿಯು ಜುಲೈ 25ರ ತನಕ ಕಾಯುವುದು ಸೂಕ್ತವಾಗಿದೆ. ನಂತರ ಮತ್ತು ಸ್ಥಿತಿಯನ್ನು ಸಮಾಲೋಚನಾ ಪರಿಗಣಿಸಿ ತಮಿಳುನಾಡಿಗೆ ಕರ್ನಾಟಕದ ಜಲಾಶಯಗಳಿಂದ ನೀರು ಬಿಡುವ ಬಗ್ಗೆ ಸೂಕ್ತ ನಿರ್ಧಾರವನ್ನು ಕಾವೇರಿ ನೀರು ನಿಯಂತ್ರಣ ಸಮಿತಿ ತೆಗೆದುಕೊಳ್ಳಬಹುದಾಗಿದೆ ಎಂದು ಕರ್ನಾಟಕ ತಂಡ ವಾದ ಮಂಡಿಸಿತು. ಕಾವೇರಿ ನೀರು ನಿಯಂತ್ರಣ ಸಮಿತಿ ಸಭೆಯ ಬಳಿಕ ಮುಂದಿನ ತಮಿಳುನಾಡಿಗೆ ನೀರು ಬಿಡುಗಡೆ ಬಗ್ಗೆ ಸರ್ಕಾರ ಮಟ್ಟದಲ್ಲಿ ಚರ್ಚಿಸಲಾಗುತ್ತದೆ. ಜೂನ್ 2024 ರಿಂದ ಮೇ 2024 ರ ಅವಧಿಗೆ ಕರ್ನಾಟಕವು ನೀರಿನ ಹರಿವನ್ನು ಬಿಡುಗಡೆ ಮಾಡಬೇಕಿದ್ದು, ಪ್ರಸ್ತುತ ಜಲ ವರ್ಷದಲ್ಲಿ ಮಳೆ ಪರಿಸ್ಥಿತಿ ಸಾಮಾನ್ಯವಾಗಿದ್ದು, ಕರ್ನಾಟಕವು ನಾಲ್ಕು ಬಗೆ ವರದಿಯನ್ನು ಪಡೆದಿದೆ. ಅದಲ್ಲದೆ ಸುಪ್ರೀಂಕೋರ್ಟ್ ಮಾರ್ಗದರ್ಶನದಂತೆ ಆಡಳಿತ ಪ್ರಕಾರ ಕರ್ನಾಟಕವು ನೀರು ಬಿಡುಗಡೆ ಮಾಡಲಿದೆ.

ಜುಲೈ ಮಾಸಾಂತ್ಯದವರೆಗೂ ನಿಗದಿತ ಪ್ರಮಾಣದ ನೀರು ಬಿಡುವ ಅಗತ್ಯವಿಲ್ಲ ಎಂದು ಕೋರಲಾಯಿತು. ಅದರಂತೆ ಸಮಿತಿಯು ಕರ್ನಾಟಕ ತಂಡದ ವಾದವನ್ನು ಆಲಿಸಿ ನಂತರ ಕಾವೇರಿ ನೀರು ನಿಯಂತ್ರಣ ಸಮಿತಿಯು ಜುಲೈ ಅಂತ್ಯದವರೆಗೆ ದಿನನಿತ್ಯ 1 ಟಿಎಂಸಿ ನೀರು ಬಿಡಲು ಕರ್ನಾಟಕಕ್ಕೆ ಶಿಫಾರಸು ಮಾಡಿದೆ. ಕಾವೇರಿ ನೀರು ನಿಯಂತ್ರಣ ಸಮಿತಿ ಸಭೆಯಲ್ಲಿ ನಿರ್ಧಾರದ ಬಗ್ಗೆ ಚರ್ಚೆ ನಡೆಸಲಾಗುವುದು. ಡಿ. ಕೆ ಶಿವಕುಮಾರ್ ಅವರು, “ರಾಜ್ಯದಲ್ಲಿ ಇನ್ನೂ ಉತ್ತಮ ಮಳೆ ಬಿದ್ದಿಲ್ಲ, ನೀರಿಲ್ಲ. ರಾಜ್ಯದ ರೈತರು, ಜಲಾಶಯಗಳು ಮುಂಚಿತವಾಗಿ ಮಳೆ ಬಿದ್ದು ನೀರು ತುಂಬುವುದು ಪ್ರಾರ್ಥನೆ” ಎಂದು ಹೇಳಿದರು.
